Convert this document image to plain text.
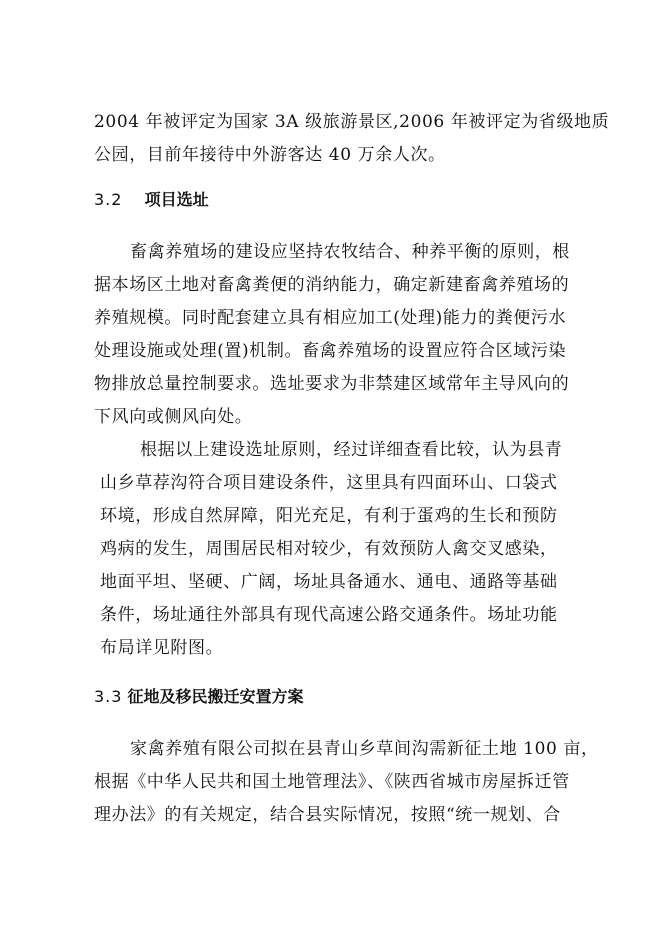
2004 年被评定为国家 3A 级旅游景区,2006 年被评定为省级地质
公园，目前年接待中外游客达 40 万余人次。
3.2 项目选址
畜禽养殖场的建设应坚持农牧结合、种养平衡的原则，根
据本场区土地对畜禽粪便的消纳能力，确定新建畜禽养殖场的
养殖规模。同时配套建立具有相应加工(处理)能力的粪便污水
处理设施或处理(置)机制。畜禽养殖场的设置应符合区域污染
物排放总量控制要求。选址要求为非禁建区域常年主导风向的
下风向或侧风向处。
根据以上建设选址原则，经过详细查看比较，认为县青
山乡草荐沟符合项目建设条件，这里具有四面环山、口袋式
环境，形成自然屏障，阳光充足，有利于蛋鸡的生长和预防
鸡病的发生，周围居民相对较少，有效预防人禽交叉感染，
地面平坦、坚硬、广阔，场址具备通水、通电、通路等基础
条件，场址通往外部具有现代高速公路交通条件。场址功能
布局详见附图。
3.3 征地及移民搬迁安置方案
家禽养殖有限公司拟在县青山乡草间沟需新征土地 100 亩，
根据《中华人民共和国土地管理法》、《陕西省城市房屋拆迁管
理办法》的有关规定，结合县实际情况，按照“统一规划、合
